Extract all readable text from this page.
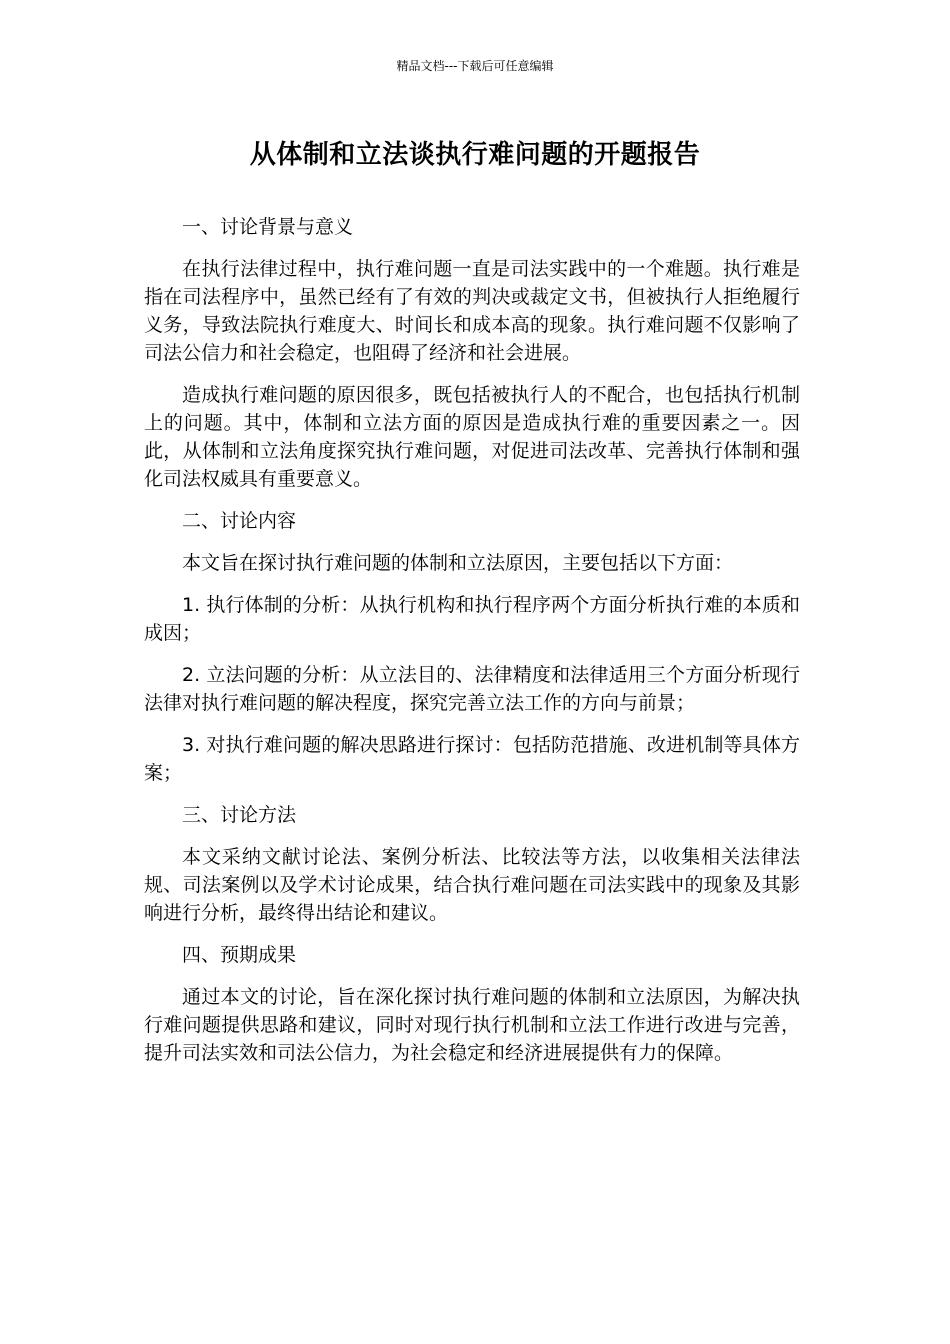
精品文档---下载后可任意编辑
从体制和立法谈执行难问题的开题报告

一、讨论背景与意义

在执行法律过程中，执行难问题一直是司法实践中的一个难题。执行难是指在司法程序中，虽然已经有了有效的判决或裁定文书，但被执行人拒绝履行义务，导致法院执行难度大、时间长和成本高的现象。执行难问题不仅影响了司法公信力和社会稳定，也阻碍了经济和社会进展。

造成执行难问题的原因很多，既包括被执行人的不配合，也包括执行机制上的问题。其中，体制和立法方面的原因是造成执行难的重要因素之一。因此，从体制和立法角度探究执行难问题，对促进司法改革、完善执行体制和强化司法权威具有重要意义。

二、讨论内容

本文旨在探讨执行难问题的体制和立法原因，主要包括以下方面：

1. 执行体制的分析：从执行机构和执行程序两个方面分析执行难的本质和成因；

2. 立法问题的分析：从立法目的、法律精度和法律适用三个方面分析现行法律对执行难问题的解决程度，探究完善立法工作的方向与前景；

3. 对执行难问题的解决思路进行探讨：包括防范措施、改进机制等具体方案；

三、讨论方法

本文采纳文献讨论法、案例分析法、比较法等方法，以收集相关法律法规、司法案例以及学术讨论成果，结合执行难问题在司法实践中的现象及其影响进行分析，最终得出结论和建议。

四、预期成果

通过本文的讨论，旨在深化探讨执行难问题的体制和立法原因，为解决执行难问题提供思路和建议，同时对现行执行机制和立法工作进行改进与完善，提升司法实效和司法公信力，为社会稳定和经济进展提供有力的保障。
